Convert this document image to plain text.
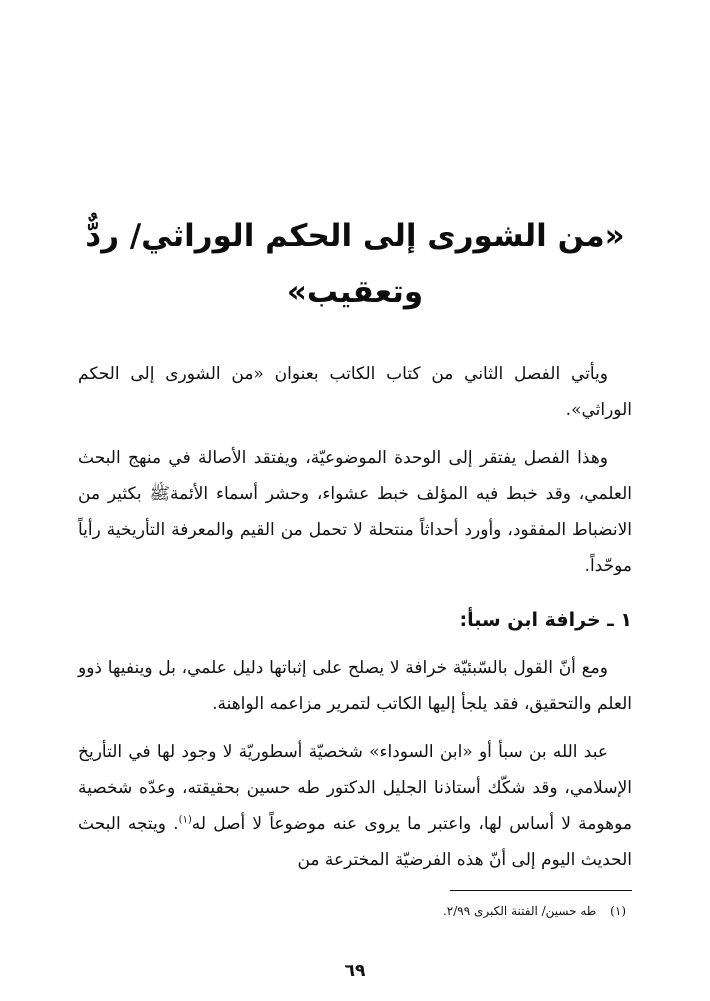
«من الشورى إلى الحكم الوراثي/ ردٌّ وتعقيب»

ويأتي الفصل الثاني من كتاب الكاتب بعنوان «من الشورى إلى الحكم الوراثي».

وهذا الفصل يفتقر إلى الوحدة الموضوعيّة، ويفتقد الأصالة في منهج البحث العلمي، وقد خبط فيه المؤلف خبط عشواء، وحشر أسماء الأئمةﷺ بكثير من الانضباط المفقود، وأورد أحداثاً منتحلة لا تحمل من القيم والمعرفة التأريخية رأياً موحّداً.

١ ـ خرافة ابن سبأ:

ومع أنّ القول بالسّبئيّة خرافة لا يصلح على إثباتها دليل علمي، بل وينفيها ذوو العلم والتحقيق، فقد يلجأ إليها الكاتب لتمرير مزاعمه الواهنة.

عبد الله بن سبأ أو «ابن السوداء» شخصيّة أسطوريّة لا وجود لها في التأريخ الإسلامي، وقد شكّك أستاذنا الجليل الدكتور طه حسين بحقيقته، وعدّه شخصية موهومة لا أساس لها، واعتبر ما يروى عنه موضوعاً لا أصل له$^{(١)}$. ويتجه البحث الحديث اليوم إلى أنّ هذه الفرضيّة المخترعة من

(١) طه حسين/ الفتنة الكبرى ٢/٩٩.
٦٩
